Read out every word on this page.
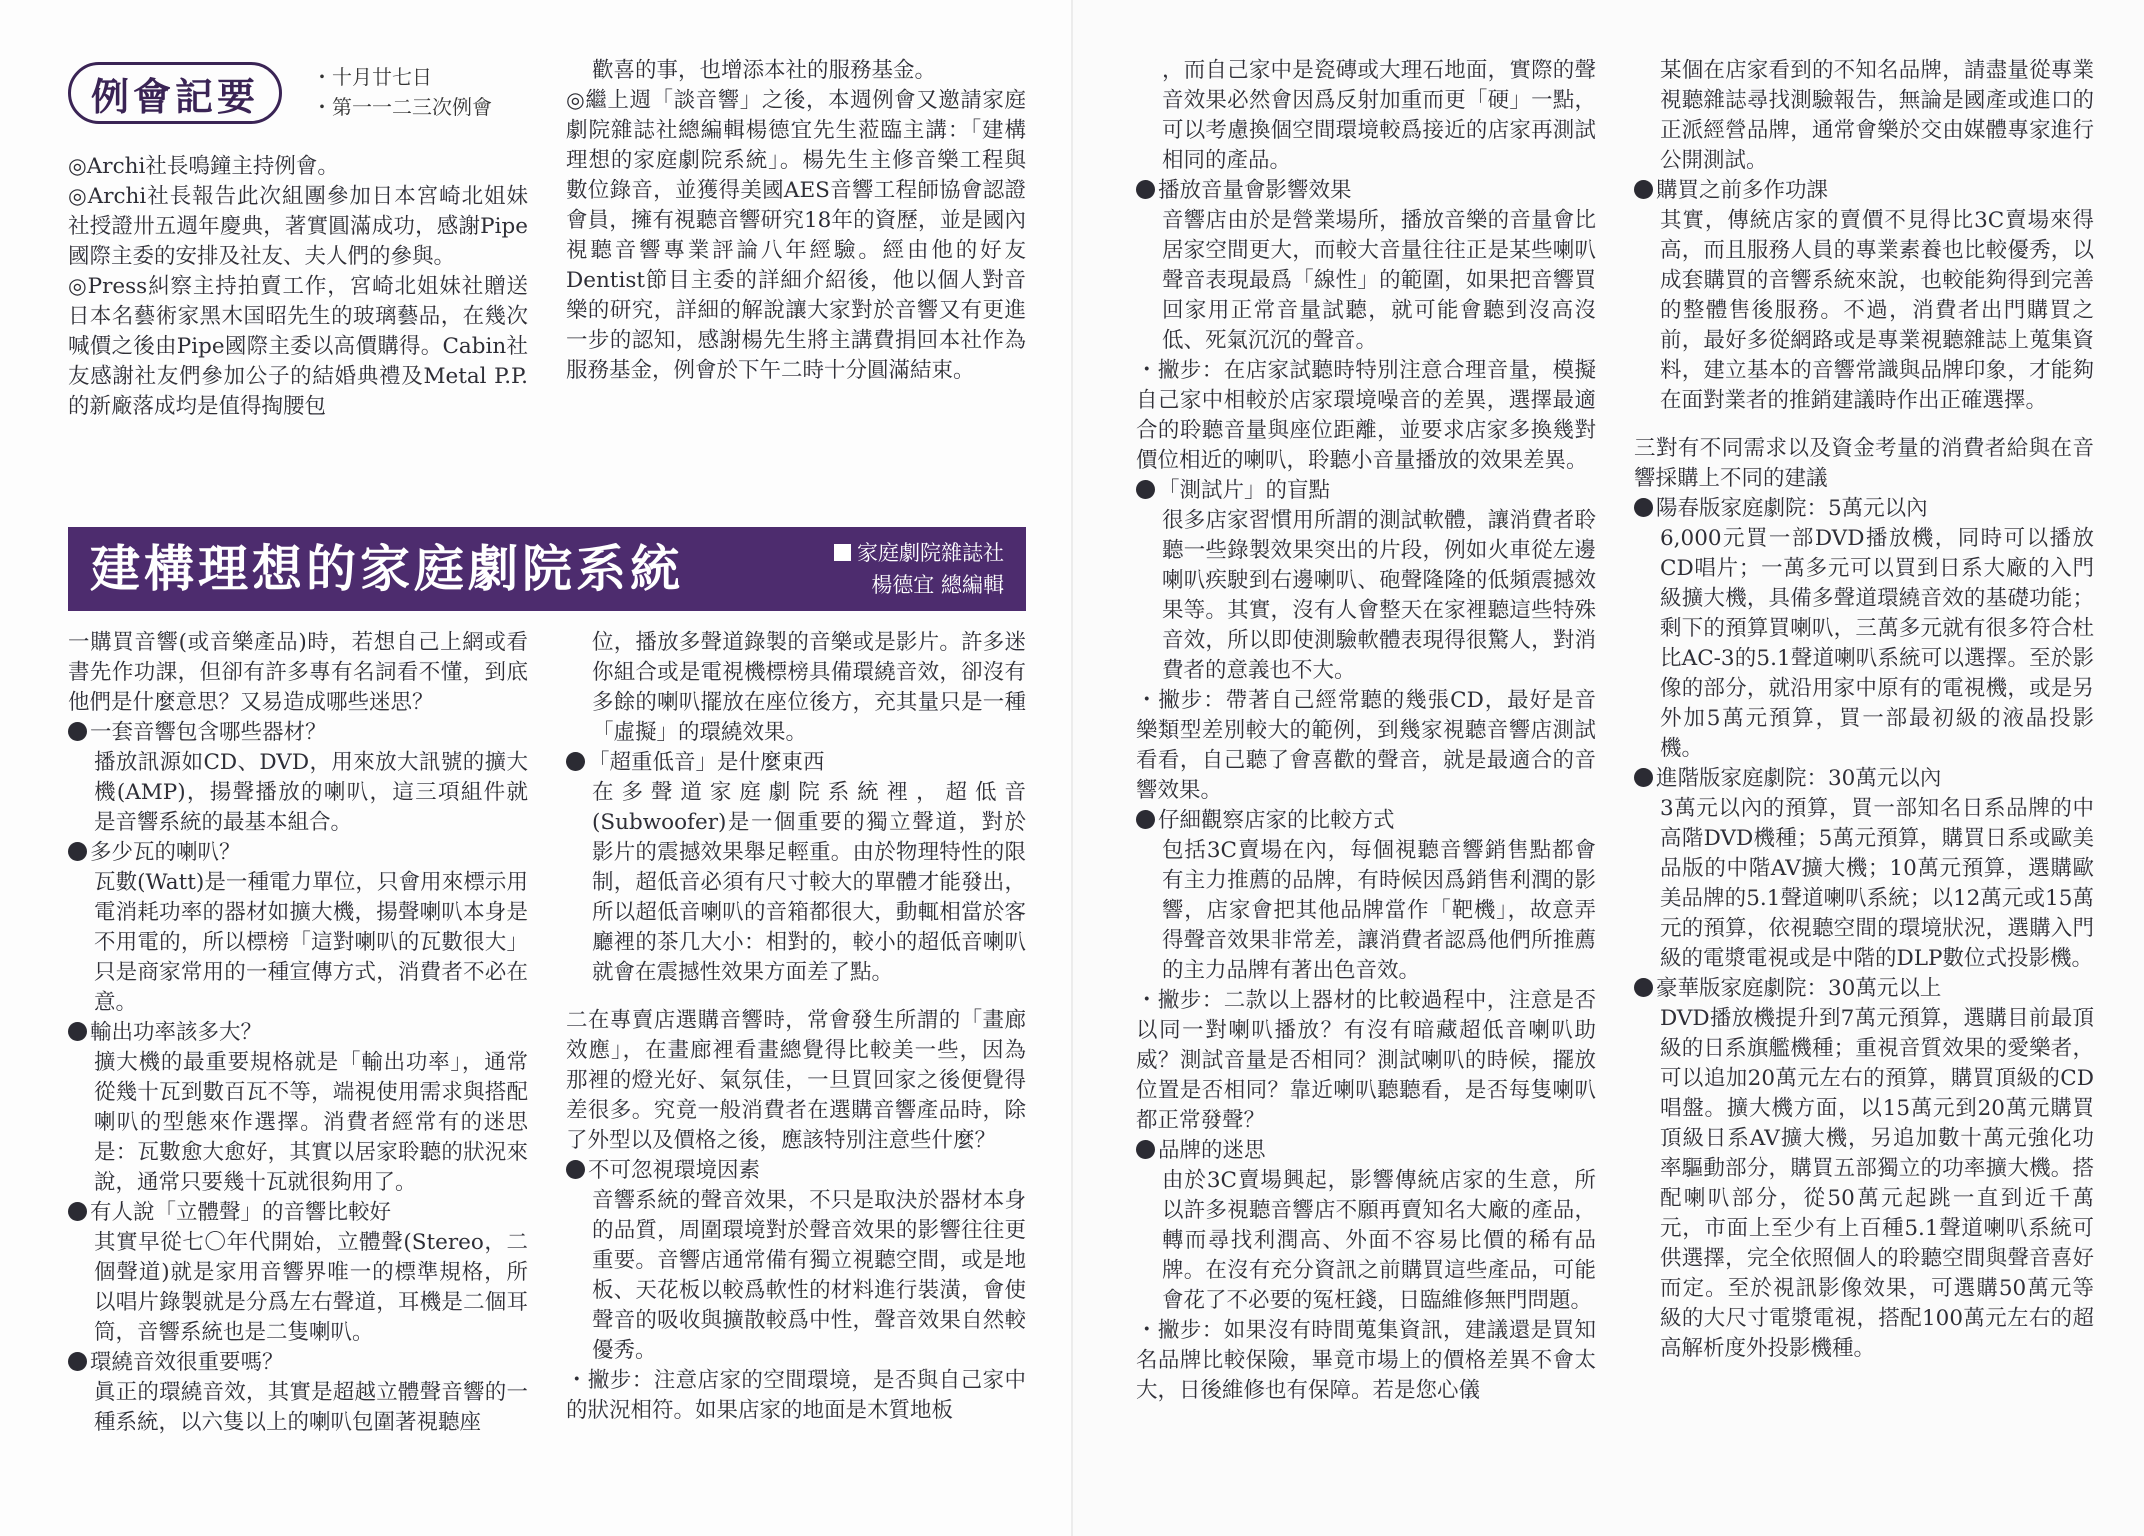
例會記要	・十月廿七日
・第一一二三次例會

◎Archi社長鳴鐘主持例會。

◎Archi社長報告此次組團參加日本宮崎北姐妹社授證卅五週年慶典，著實圓滿成功，感謝Pipe國際主委的安排及社友、夫人們的參與。

◎Press糾察主持拍賣工作，宮崎北姐妹社贈送日本名藝術家黑木国昭先生的玻璃藝品，在幾次喊價之後由Pipe國際主委以高價購得。Cabin社友感謝社友們參加公子的結婚典禮及Metal P.P.的新廠落成均是值得掏腰包

歡喜的事，也增添本社的服務基金。

◎繼上週「談音響」之後，本週例會又邀請家庭劇院雜誌社總編輯楊德宜先生蒞臨主講：「建構理想的家庭劇院系統」。楊先生主修音樂工程與數位錄音，並獲得美國AES音響工程師協會認證會員，擁有視聽音響研究18年的資歷，並是國內視聽音響專業評論八年經驗。經由他的好友Dentist節目主委的詳細介紹後，他以個人對音樂的研究，詳細的解說讓大家對於音響又有更進一步的認知，感謝楊先生將主講費捐回本社作為服務基金，例會於下午二時十分圓滿結束。

建構理想的家庭劇院系統	家庭劇院雜誌社
楊德宜 總編輯

一購買音響(或音樂產品)時，若想自己上網或看書先作功課，但卻有許多專有名詞看不懂，到底他們是什麼意思？又易造成哪些迷思？

一套音響包含哪些器材？

播放訊源如CD、DVD，用來放大訊號的擴大機(AMP)，揚聲播放的喇叭，這三項組件就是音響系統的最基本組合。

多少瓦的喇叭？

瓦數(Watt)是一種電力單位，只會用來標示用電消耗功率的器材如擴大機，揚聲喇叭本身是不用電的，所以標榜「這對喇叭的瓦數很大」只是商家常用的一種宣傳方式，消費者不必在意。

輸出功率該多大？

擴大機的最重要規格就是「輸出功率」，通常從幾十瓦到數百瓦不等，端視使用需求與搭配喇叭的型態來作選擇。消費者經常有的迷思是：瓦數愈大愈好，其實以居家聆聽的狀況來說，通常只要幾十瓦就很夠用了。

有人說「立體聲」的音響比較好

其實早從七〇年代開始，立體聲(Stereo，二個聲道)就是家用音響界唯一的標準規格，所以唱片錄製就是分爲左右聲道，耳機是二個耳筒，音響系統也是二隻喇叭。

環繞音效很重要嗎？

眞正的環繞音效，其實是超越立體聲音響的一種系統，以六隻以上的喇叭包圍著視聽座

位，播放多聲道錄製的音樂或是影片。許多迷你組合或是電視機標榜具備環繞音效，卻沒有多餘的喇叭擺放在座位後方，充其量只是一種「虛擬」的環繞效果。

「超重低音」是什麼東西

在多聲道家庭劇院系統裡，超低音(Subwoofer)是一個重要的獨立聲道，對於影片的震撼效果舉足輕重。由於物理特性的限制，超低音必須有尺寸較大的單體才能發出，所以超低音喇叭的音箱都很大，動輒相當於客廳裡的茶几大小：相對的，較小的超低音喇叭就會在震撼性效果方面差了點。

二在專賣店選購音響時，常會發生所謂的「畫廊效應」，在畫廊裡看畫總覺得比較美一些，因為那裡的燈光好、氣氛佳，一旦買回家之後便覺得差很多。究竟一般消費者在選購音響產品時，除了外型以及價格之後，應該特別注意些什麼？

不可忽視環境因素

音響系統的聲音效果，不只是取決於器材本身的品質，周圍環境對於聲音效果的影響往往更重要。音響店通常備有獨立視聽空間，或是地板、天花板以較爲軟性的材料進行裝潢，會使聲音的吸收與擴散較爲中性，聲音效果自然較優秀。

・撇步：注意店家的空間環境，是否與自己家中的狀況相符。如果店家的地面是木質地板

，而自己家中是瓷磚或大理石地面，實際的聲音效果必然會因爲反射加重而更「硬」一點，可以考慮換個空間環境較爲接近的店家再測試相同的產品。

播放音量會影響效果

音響店由於是營業場所，播放音樂的音量會比居家空間更大，而較大音量往往正是某些喇叭聲音表現最爲「線性」的範圍，如果把音響買回家用正常音量試聽，就可能會聽到沒高沒低、死氣沉沉的聲音。

・撇步：在店家試聽時特別注意合理音量，模擬自己家中相較於店家環境噪音的差異，選擇最適合的聆聽音量與座位距離，並要求店家多換幾對價位相近的喇叭，聆聽小音量播放的效果差異。

「測試片」的盲點

很多店家習慣用所謂的測試軟體，讓消費者聆聽一些錄製效果突出的片段，例如火車從左邊喇叭疾駛到右邊喇叭、砲聲隆隆的低頻震撼效果等。其實，沒有人會整天在家裡聽這些特殊音效，所以即使測驗軟體表現得很驚人，對消費者的意義也不大。

・撇步：帶著自己經常聽的幾張CD，最好是音樂類型差別較大的範例，到幾家視聽音響店測試看看，自己聽了會喜歡的聲音，就是最適合的音響效果。

仔細觀察店家的比較方式

包括3C賣場在內，每個視聽音響銷售點都會有主力推薦的品牌，有時候因爲銷售利潤的影響，店家會把其他品牌當作「靶機」，故意弄得聲音效果非常差，讓消費者認爲他們所推薦的主力品牌有著出色音效。

・撇步：二款以上器材的比較過程中，注意是否以同一對喇叭播放？有沒有暗藏超低音喇叭助威？測試音量是否相同？測試喇叭的時候，擺放位置是否相同？靠近喇叭聽聽看，是否每隻喇叭都正常發聲？

品牌的迷思

由於3C賣場興起，影響傳統店家的生意，所以許多視聽音響店不願再賣知名大廠的產品，轉而尋找利潤高、外面不容易比價的稀有品牌。在沒有充分資訊之前購買這些產品，可能會花了不必要的冤枉錢，日臨維修無門問題。

・撇步：如果沒有時間蒐集資訊，建議還是買知名品牌比較保險，畢竟市場上的價格差異不會太大，日後維修也有保障。若是您心儀

某個在店家看到的不知名品牌，請盡量從專業視聽雜誌尋找測驗報告，無論是國產或進口的正派經營品牌，通常會樂於交由媒體專家進行公開測試。

購買之前多作功課

其實，傳統店家的賣價不見得比3C賣場來得高，而且服務人員的專業素養也比較優秀，以成套購買的音響系統來說，也較能夠得到完善的整體售後服務。不過，消費者出門購買之前，最好多從網路或是專業視聽雜誌上蒐集資料，建立基本的音響常識與品牌印象，才能夠在面對業者的推銷建議時作出正確選擇。

三對有不同需求以及資金考量的消費者給與在音響採購上不同的建議

陽春版家庭劇院：5萬元以內

6,000元買一部DVD播放機，同時可以播放CD唱片；一萬多元可以買到日系大廠的入門級擴大機，具備多聲道環繞音效的基礎功能；剩下的預算買喇叭，三萬多元就有很多符合杜比AC-3的5.1聲道喇叭系統可以選擇。至於影像的部分，就沿用家中原有的電視機，或是另外加5萬元預算，買一部最初級的液晶投影機。

進階版家庭劇院：30萬元以內

3萬元以內的預算，買一部知名日系品牌的中高階DVD機種；5萬元預算，購買日系或歐美品版的中階AV擴大機；10萬元預算，選購歐美品牌的5.1聲道喇叭系統；以12萬元或15萬元的預算，依視聽空間的環境狀況，選購入門級的電漿電視或是中階的DLP數位式投影機。

豪華版家庭劇院：30萬元以上

DVD播放機提升到7萬元預算，選購目前最頂級的日系旗艦機種；重視音質效果的愛樂者，可以追加20萬元左右的預算，購買頂級的CD唱盤。擴大機方面，以15萬元到20萬元購買頂級日系AV擴大機，另追加數十萬元強化功率驅動部分，購買五部獨立的功率擴大機。搭配喇叭部分，從50萬元起跳一直到近千萬元，市面上至少有上百種5.1聲道喇叭系統可供選擇，完全依照個人的聆聽空間與聲音喜好而定。至於視訊影像效果，可選購50萬元等級的大尺寸電漿電視，搭配100萬元左右的超高解析度外投影機種。
